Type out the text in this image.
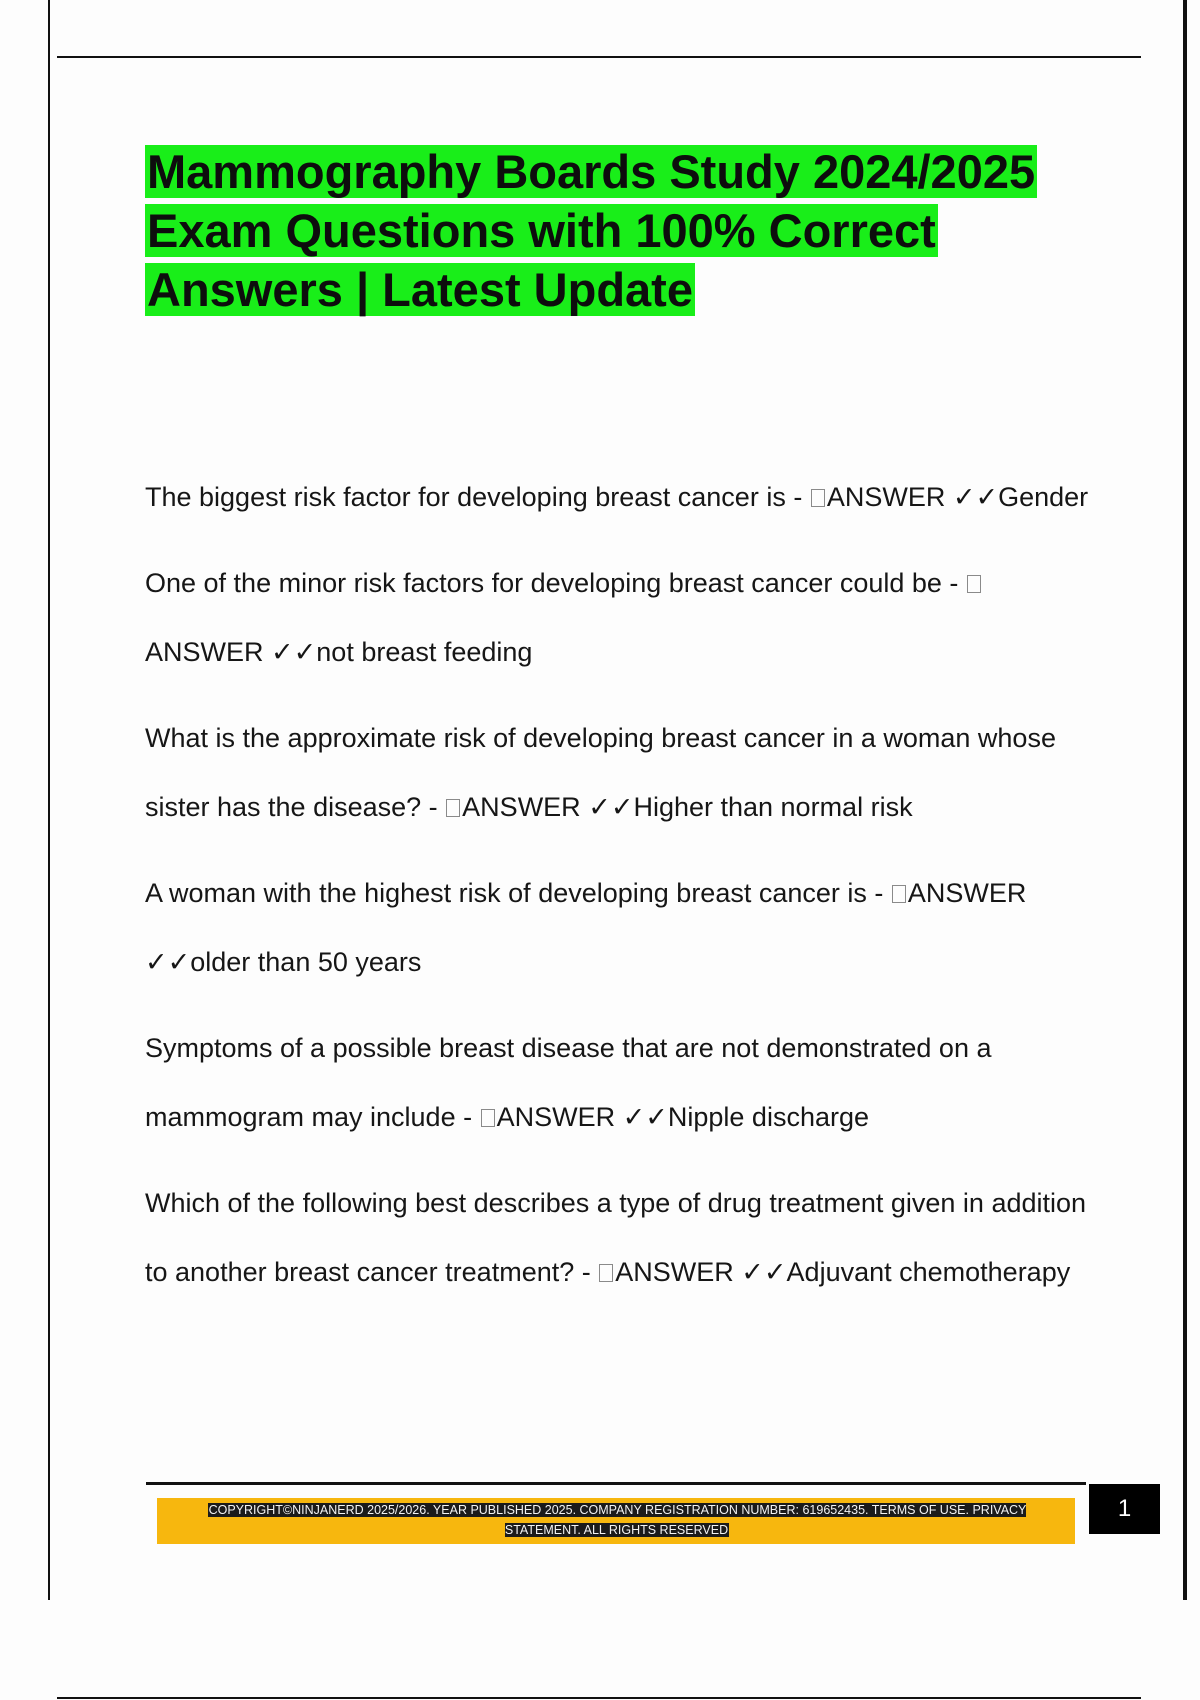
Mammography Boards Study 2024/2025 Exam Questions with 100% Correct Answers | Latest Update

The biggest risk factor for developing breast cancer is - ANSWER ✓✓Gender

One of the minor risk factors for developing breast cancer could be - ANSWER ✓✓not breast feeding

What is the approximate risk of developing breast cancer in a woman whose sister has the disease? - ANSWER ✓✓Higher than normal risk

A woman with the highest risk of developing breast cancer is - ANSWER ✓✓older than 50 years

Symptoms of a possible breast disease that are not demonstrated on a mammogram may include - ANSWER ✓✓Nipple discharge

Which of the following best describes a type of drug treatment given in addition to another breast cancer treatment? - ANSWER ✓✓Adjuvant chemotherapy

COPYRIGHT©NINJANERD 2025/2026. YEAR PUBLISHED 2025. COMPANY REGISTRATION NUMBER: 619652435. TERMS OF USE. PRIVACY STATEMENT. ALL RIGHTS RESERVED

1
